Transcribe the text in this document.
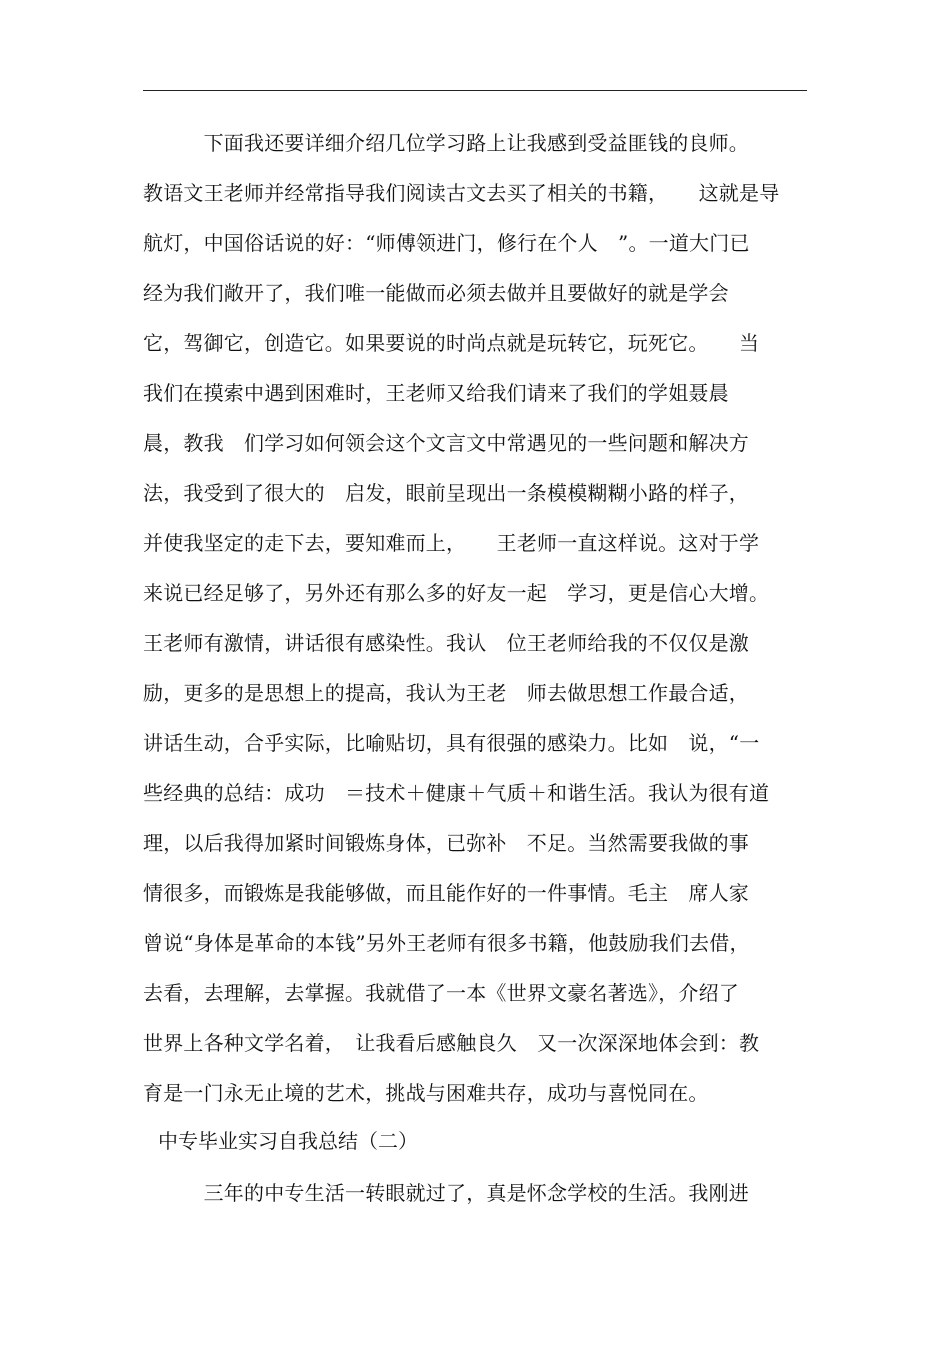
　　　下面我还要详细介绍几位学习路上让我感到受益匪钱的良师。
教语文王老师并经常指导我们阅读古文去买了相关的书籍，　　这就是导
航灯，中国俗话说的好：“师傅领进门，修行在个人　”。一道大门已
经为我们敞开了，我们唯一能做而必须去做并且要做好的就是学会
它，驾御它，创造它。如果要说的时尚点就是玩转它，玩死它。　　当
我们在摸索中遇到困难时，王老师又给我们请来了我们的学姐聂晨
晨，教我　们学习如何领会这个文言文中常遇见的一些问题和解决方
法，我受到了很大的　启发，眼前呈现出一条模模糊糊小路的样子，
并使我坚定的走下去，要知难而上，　　王老师一直这样说。这对于学
来说已经足够了，另外还有那么多的好友一起　学习，更是信心大增。
王老师有激情，讲话很有感染性。我认　位王老师给我的不仅仅是激
励，更多的是思想上的提高，我认为王老　师去做思想工作最合适，
讲话生动，合乎实际，比喻贴切，具有很强的感染力。比如　说，“一
些经典的总结：成功　＝技术＋健康＋气质＋和谐生活。我认为很有道
理，以后我得加紧时间锻炼身体，已弥补　不足。当然需要我做的事
情很多，而锻炼是我能够做，而且能作好的一件事情。毛主　席人家
曾说“身体是革命的本钱”另外王老师有很多书籍，他鼓励我们去借，
去看，去理解，去掌握。我就借了一本《世界文豪名著选》，介绍了
世界上各种文学名着，　让我看后感触良久　又一次深深地体会到：教
育是一门永无止境的艺术，挑战与困难共存，成功与喜悦同在。
中专毕业实习自我总结（二）
　　　三年的中专生活一转眼就过了，真是怀念学校的生活。我刚进
